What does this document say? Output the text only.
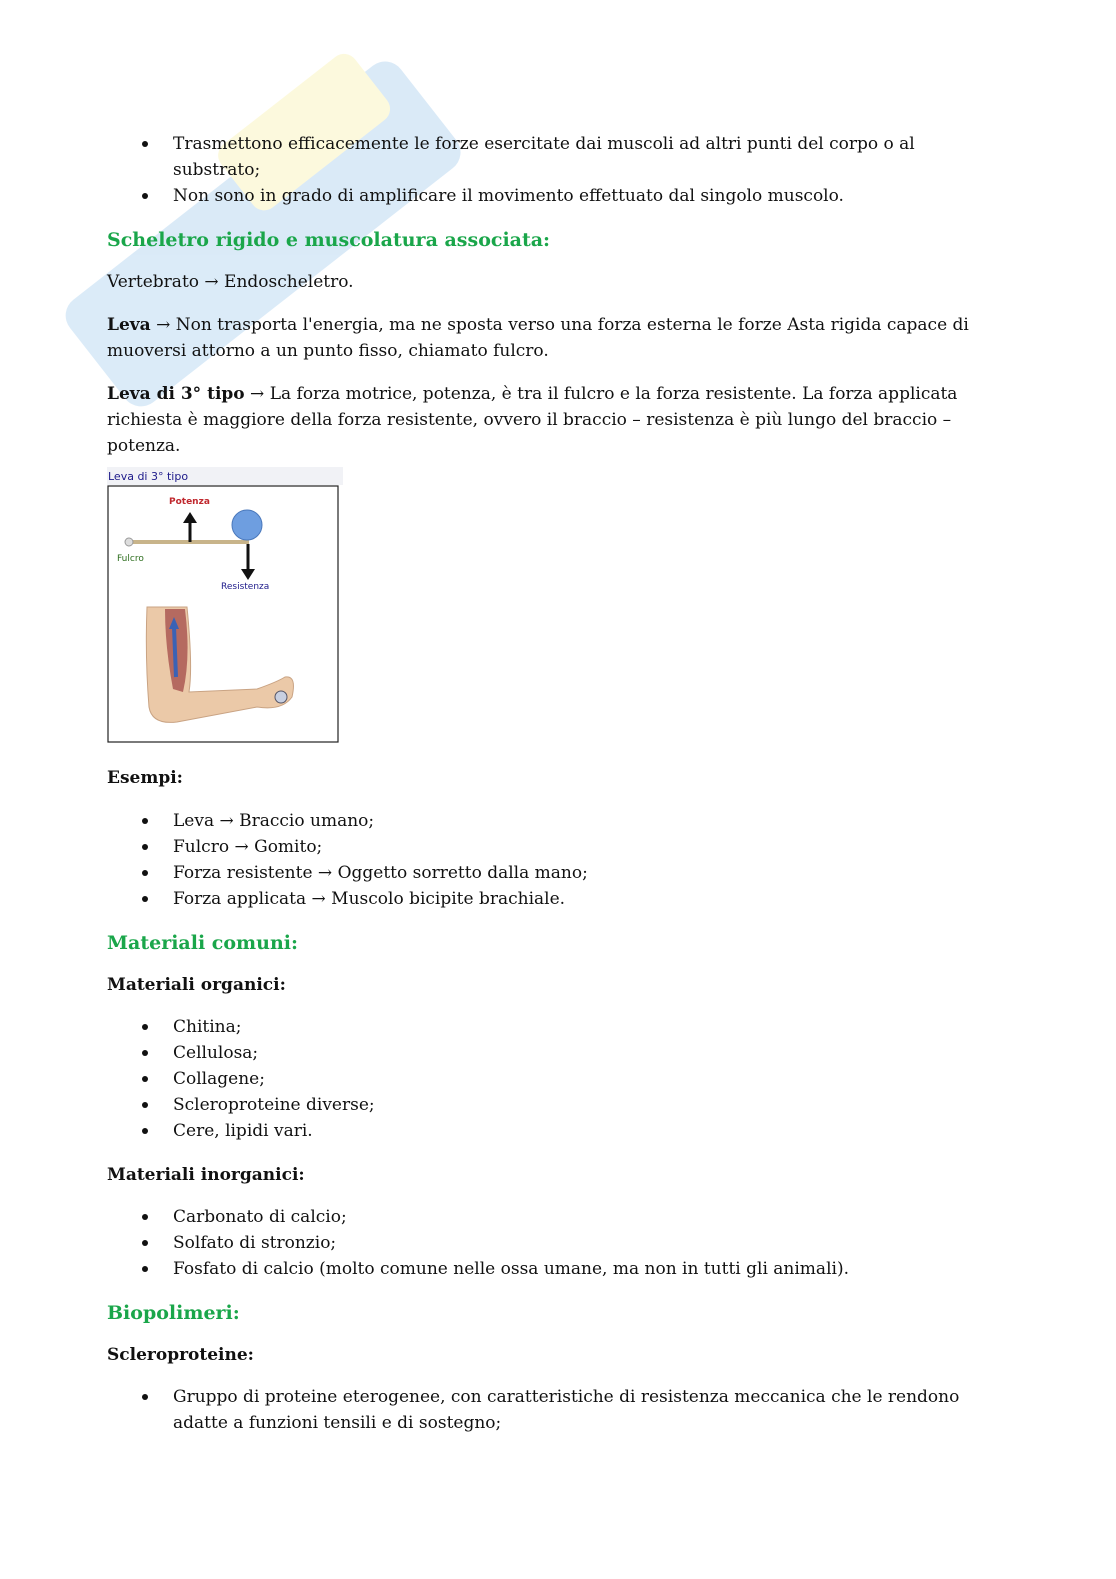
Trasmettono efficacemente le forze esercitate dai muscoli ad altri punti del corpo o al substrato;
Non sono in grado di amplificare il movimento effettuato dal singolo muscolo.
Scheletro rigido e muscolatura associata:
Vertebrato → Endoscheletro.
Leva → Non trasporta l'energia, ma ne sposta verso una forza esterna le forze Asta rigida capace di muoversi attorno a un punto fisso, chiamato fulcro.
Leva di 3° tipo → La forza motrice, potenza, è tra il fulcro e la forza resistente. La forza applicata richiesta è maggiore della forza resistente, ovvero il braccio – resistenza è più lungo del braccio – potenza.
Leva di 3° tipo
Potenza
Fulcro
Resistenza
Esempi:
Leva → Braccio umano;
Fulcro → Gomito;
Forza resistente → Oggetto sorretto dalla mano;
Forza applicata → Muscolo bicipite brachiale.
Materiali comuni:
Materiali organici:
Chitina;
Cellulosa;
Collagene;
Scleroproteine diverse;
Cere, lipidi vari.
Materiali inorganici:
Carbonato di calcio;
Solfato di stronzio;
Fosfato di calcio (molto comune nelle ossa umane, ma non in tutti gli animali).
Biopolimeri:
Scleroproteine:
Gruppo di proteine eterogenee, con caratteristiche di resistenza meccanica che le rendono adatte a funzioni tensili e di sostegno;
